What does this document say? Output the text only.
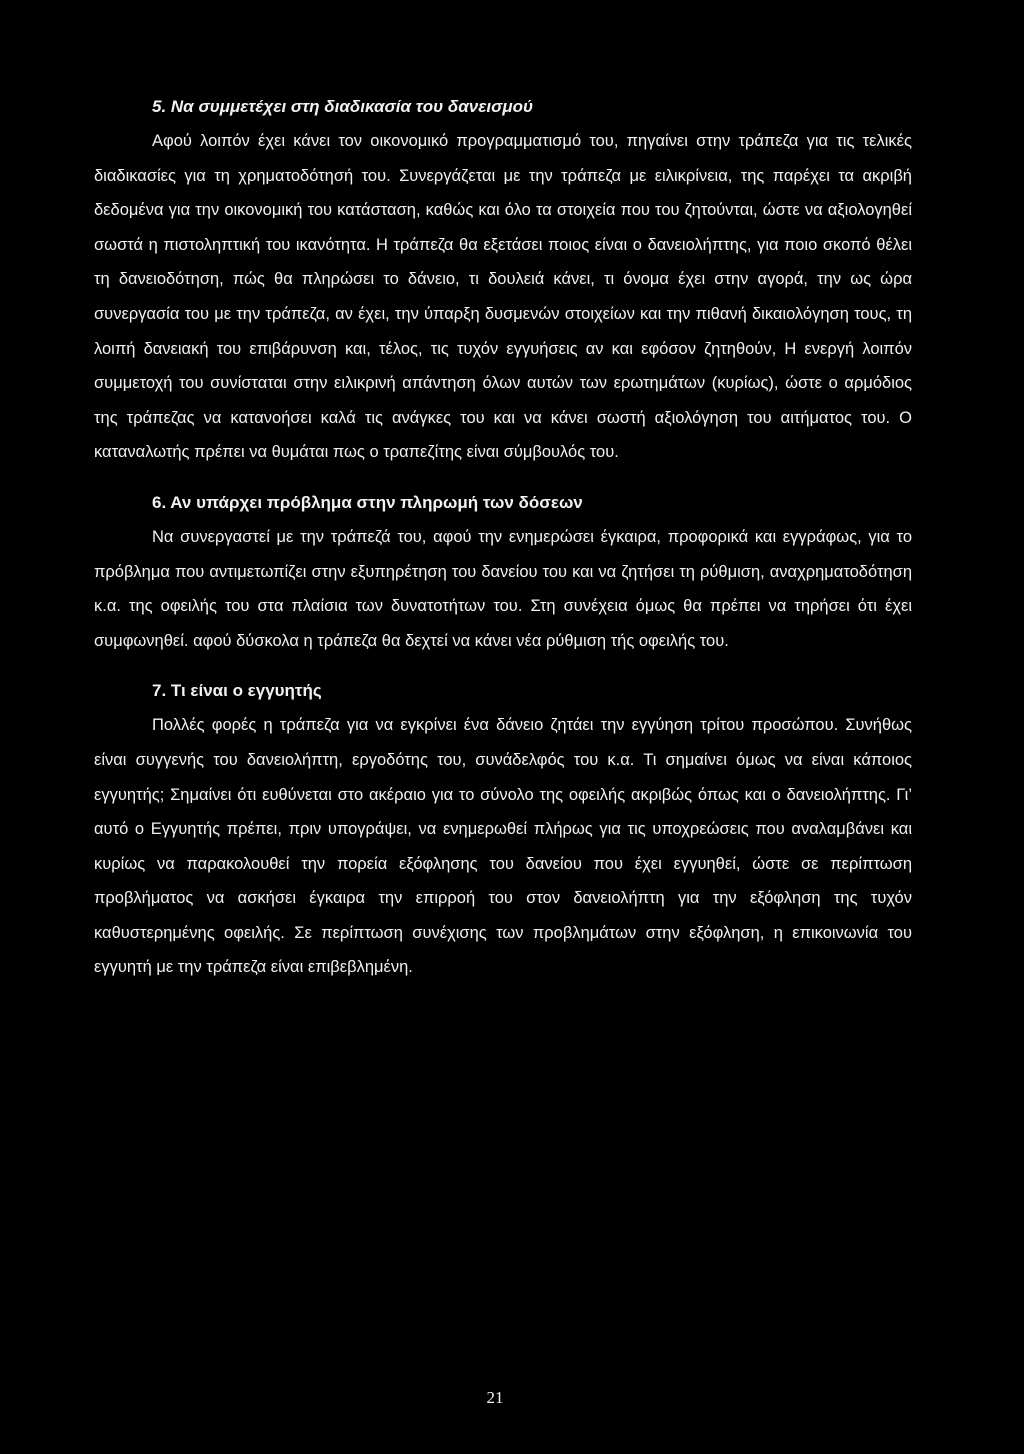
5. Να συμμετέχει στη διαδικασία του δανεισμού

Αφού λοιπόν έχει κάνει τον οικονομικό προγραμματισμό του, πηγαίνει στην τράπεζα για τις τελικές διαδικασίες για τη χρηματοδότησή του. Συνεργάζεται με την τράπεζα με ειλικρίνεια, της παρέχει τα ακριβή δεδομένα για την οικονομική του κατάσταση, καθώς και όλο τα στοιχεία που του ζητούνται, ώστε να αξιολογηθεί σωστά η πιστοληπτική του ικανότητα. Η τράπεζα θα εξετάσει ποιος είναι ο δανειολήπτης, για ποιο σκοπό θέλει τη δανειοδότηση, πώς θα πληρώσει το δάνειο, τι δουλειά κάνει, τι όνομα έχει στην αγορά, την ως ώρα συνεργασία του με την τράπεζα, αν έχει, την ύπαρξη δυσμενών στοιχείων και την πιθανή δικαιολόγηση τους, τη λοιπή δανειακή του επιβάρυνση και, τέλος, τις τυχόν εγγυήσεις αν και εφόσον ζητηθούν, Η ενεργή λοιπόν συμμετοχή του συνίσταται στην ειλικρινή απάντηση όλων αυτών των ερωτημάτων (κυρίως), ώστε ο αρμόδιος της τράπεζας να κατανοήσει καλά τις ανάγκες του και να κάνει σωστή αξιολόγηση του αιτήματος του. Ο καταναλωτής πρέπει να θυμάται πως ο τραπεζίτης είναι σύμβουλός του.

6. Αν υπάρχει πρόβλημα στην πληρωμή των δόσεων

Να συνεργαστεί με την τράπεζά του, αφού την ενημερώσει έγκαιρα, προφορικά και εγγράφως, για το πρόβλημα που αντιμετωπίζει στην εξυπηρέτηση του δανείου του και να ζητήσει τη ρύθμιση, αναχρηματοδότηση κ.α. της οφειλής του στα πλαίσια των δυνατοτήτων του. Στη συνέχεια όμως θα πρέπει να τηρήσει ότι έχει συμφωνηθεί. αφού δύσκολα η τράπεζα θα δεχτεί να κάνει νέα ρύθμιση τής οφειλής του.

7. Τι είναι ο εγγυητής

Πολλές φορές η τράπεζα για να εγκρίνει ένα δάνειο ζητάει την εγγύηση τρίτου προσώπου. Συνήθως είναι συγγενής του δανειολήπτη, εργοδότης του, συνάδελφός του κ.α. Τι σημαίνει όμως να είναι κάποιος εγγυητής; Σημαίνει ότι ευθύνεται στο ακέραιο για το σύνολο της οφειλής ακριβώς όπως και ο δανειολήπτης. Γι’ αυτό ο Εγγυητής πρέπει, πριν υπογράψει, να ενημερωθεί πλήρως για τις υποχρεώσεις που αναλαμβάνει και κυρίως να παρακολουθεί την πορεία εξόφλησης του δανείου που έχει εγγυηθεί, ώστε σε περίπτωση προβλήματος να ασκήσει έγκαιρα την επιρροή του στον δανειολήπτη για την εξόφληση της τυχόν καθυστερημένης οφειλής. Σε περίπτωση συνέχισης των προβλημάτων στην εξόφληση, η επικοινωνία του εγγυητή με την τράπεζα είναι επιβεβλημένη.

21
